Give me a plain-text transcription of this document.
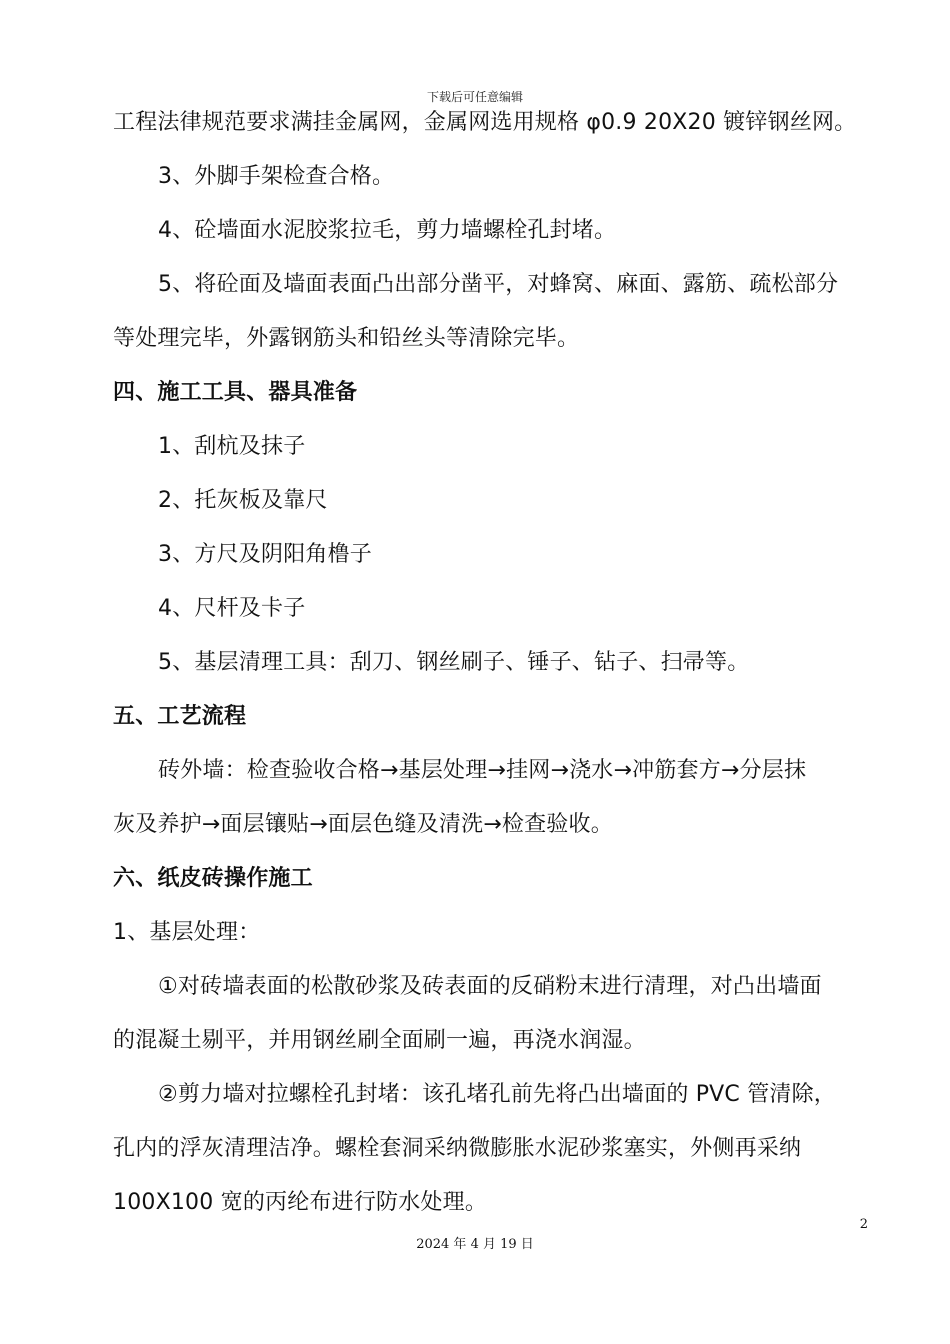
下载后可任意编辑
工程法律规范要求满挂金属网，金属网选用规格 φ0.9 20X20 镀锌钢丝网。
3、外脚手架检查合格。
4、砼墙面水泥胶浆拉毛，剪力墙螺栓孔封堵。
5、将砼面及墙面表面凸出部分凿平，对蜂窝、麻面、露筋、疏松部分
等处理完毕，外露钢筋头和铅丝头等清除完毕。
四、施工工具、器具准备
1、刮杭及抹子
2、托灰板及靠尺
3、方尺及阴阳角橹子
4、尺杆及卡子
5、基层清理工具：刮刀、钢丝刷子、锤子、钻子、扫帚等。
五、工艺流程
砖外墙：检查验收合格→基层处理→挂网→浇水→冲筋套方→分层抹
灰及养护→面层镶贴→面层色缝及清洗→检查验收。
六、纸皮砖操作施工
1、基层处理：
①对砖墙表面的松散砂浆及砖表面的反硝粉末进行清理，对凸出墙面
的混凝土剔平，并用钢丝刷全面刷一遍，再浇水润湿。
②剪力墙对拉螺栓孔封堵：该孔堵孔前先将凸出墙面的 PVC 管清除，
孔内的浮灰清理洁净。螺栓套洞采纳微膨胀水泥砂浆塞实，外侧再采纳
100X100 宽的丙纶布进行防水处理。
2
2024 年 4 月 19 日
